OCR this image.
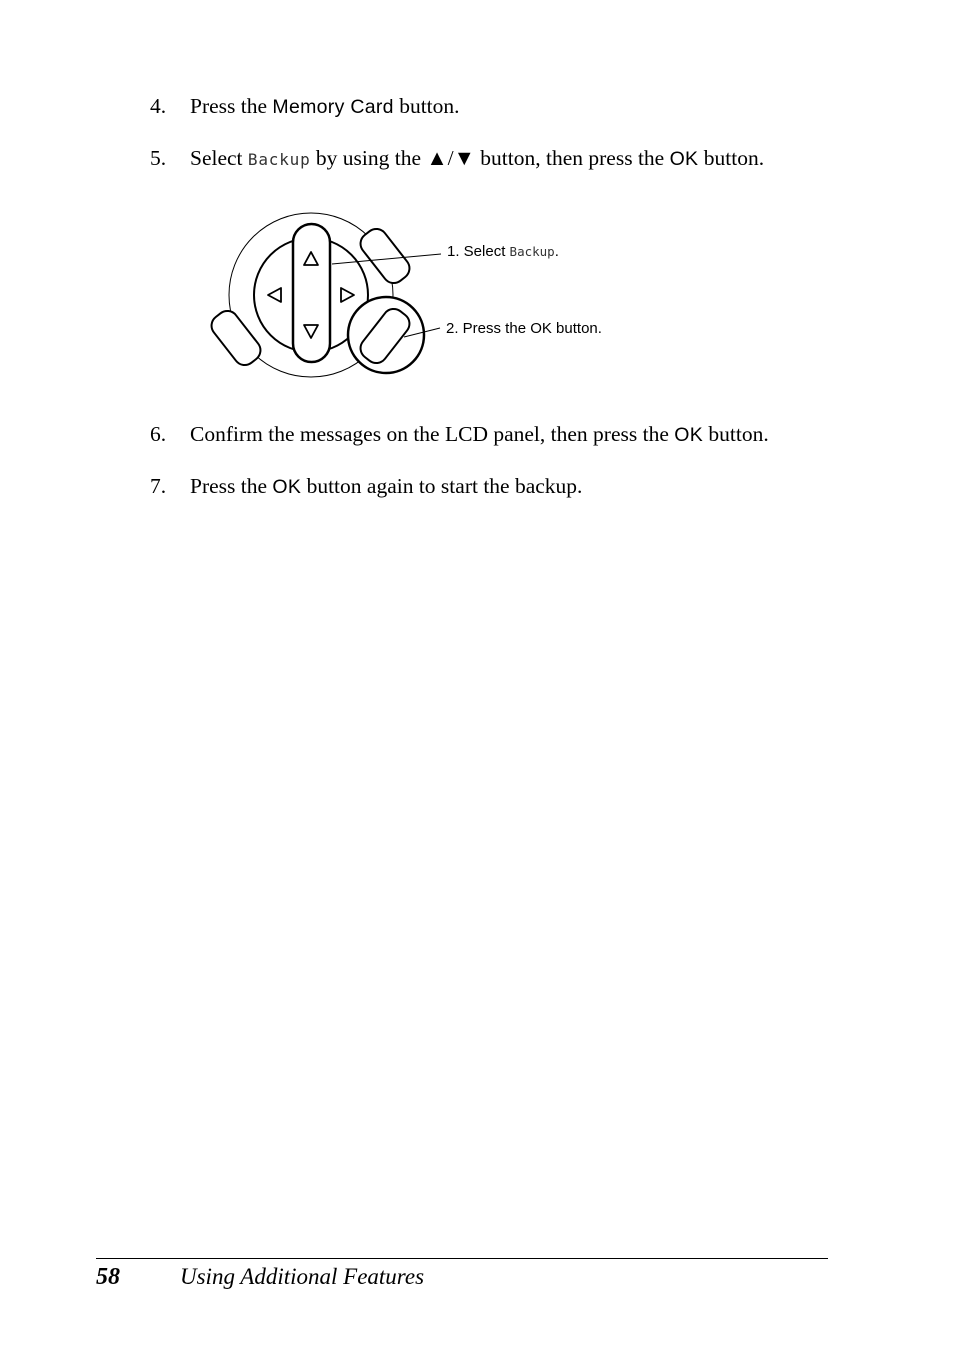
4. Press the Memory Card button.
5. Select Backup by using the ▲/▼ button, then press the OK button.
1. Select Backup.
2. Press the OK button.
6. Confirm the messages on the LCD panel, then press the OK button.
7. Press the OK button again to start the backup.
58	Using Additional Features
